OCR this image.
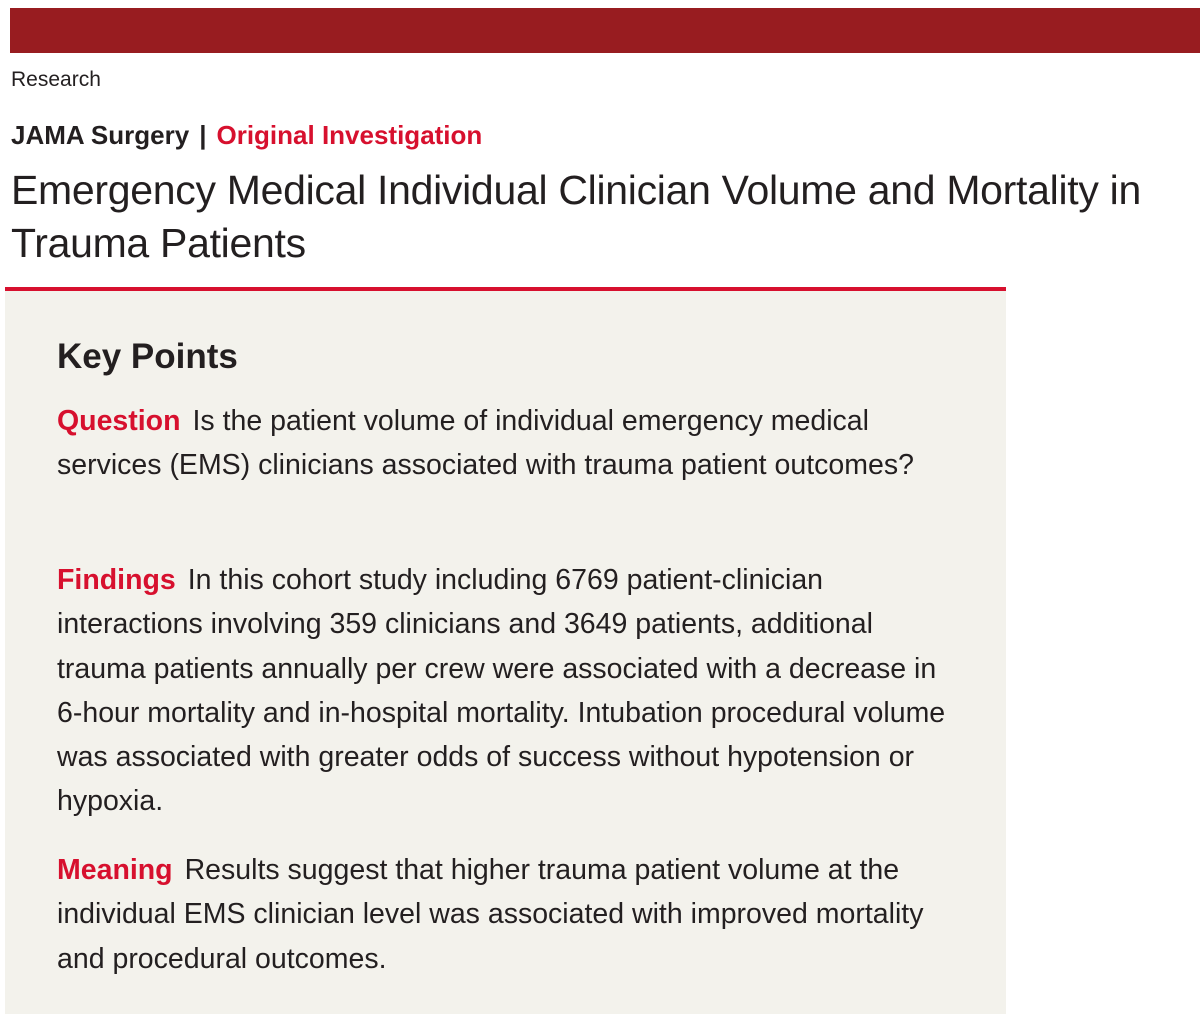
Research
JAMA Surgery | Original Investigation
Emergency Medical Individual Clinician Volume and Mortality in Trauma Patients
Key Points

Question Is the patient volume of individual emergency medical services (EMS) clinicians associated with trauma patient outcomes?

Findings In this cohort study including 6769 patient-clinician interactions involving 359 clinicians and 3649 patients, additional trauma patients annually per crew were associated with a decrease in 6-hour mortality and in-hospital mortality. Intubation procedural volume was associated with greater odds of success without hypotension or hypoxia.

Meaning Results suggest that higher trauma patient volume at the individual EMS clinician level was associated with improved mortality and procedural outcomes.
